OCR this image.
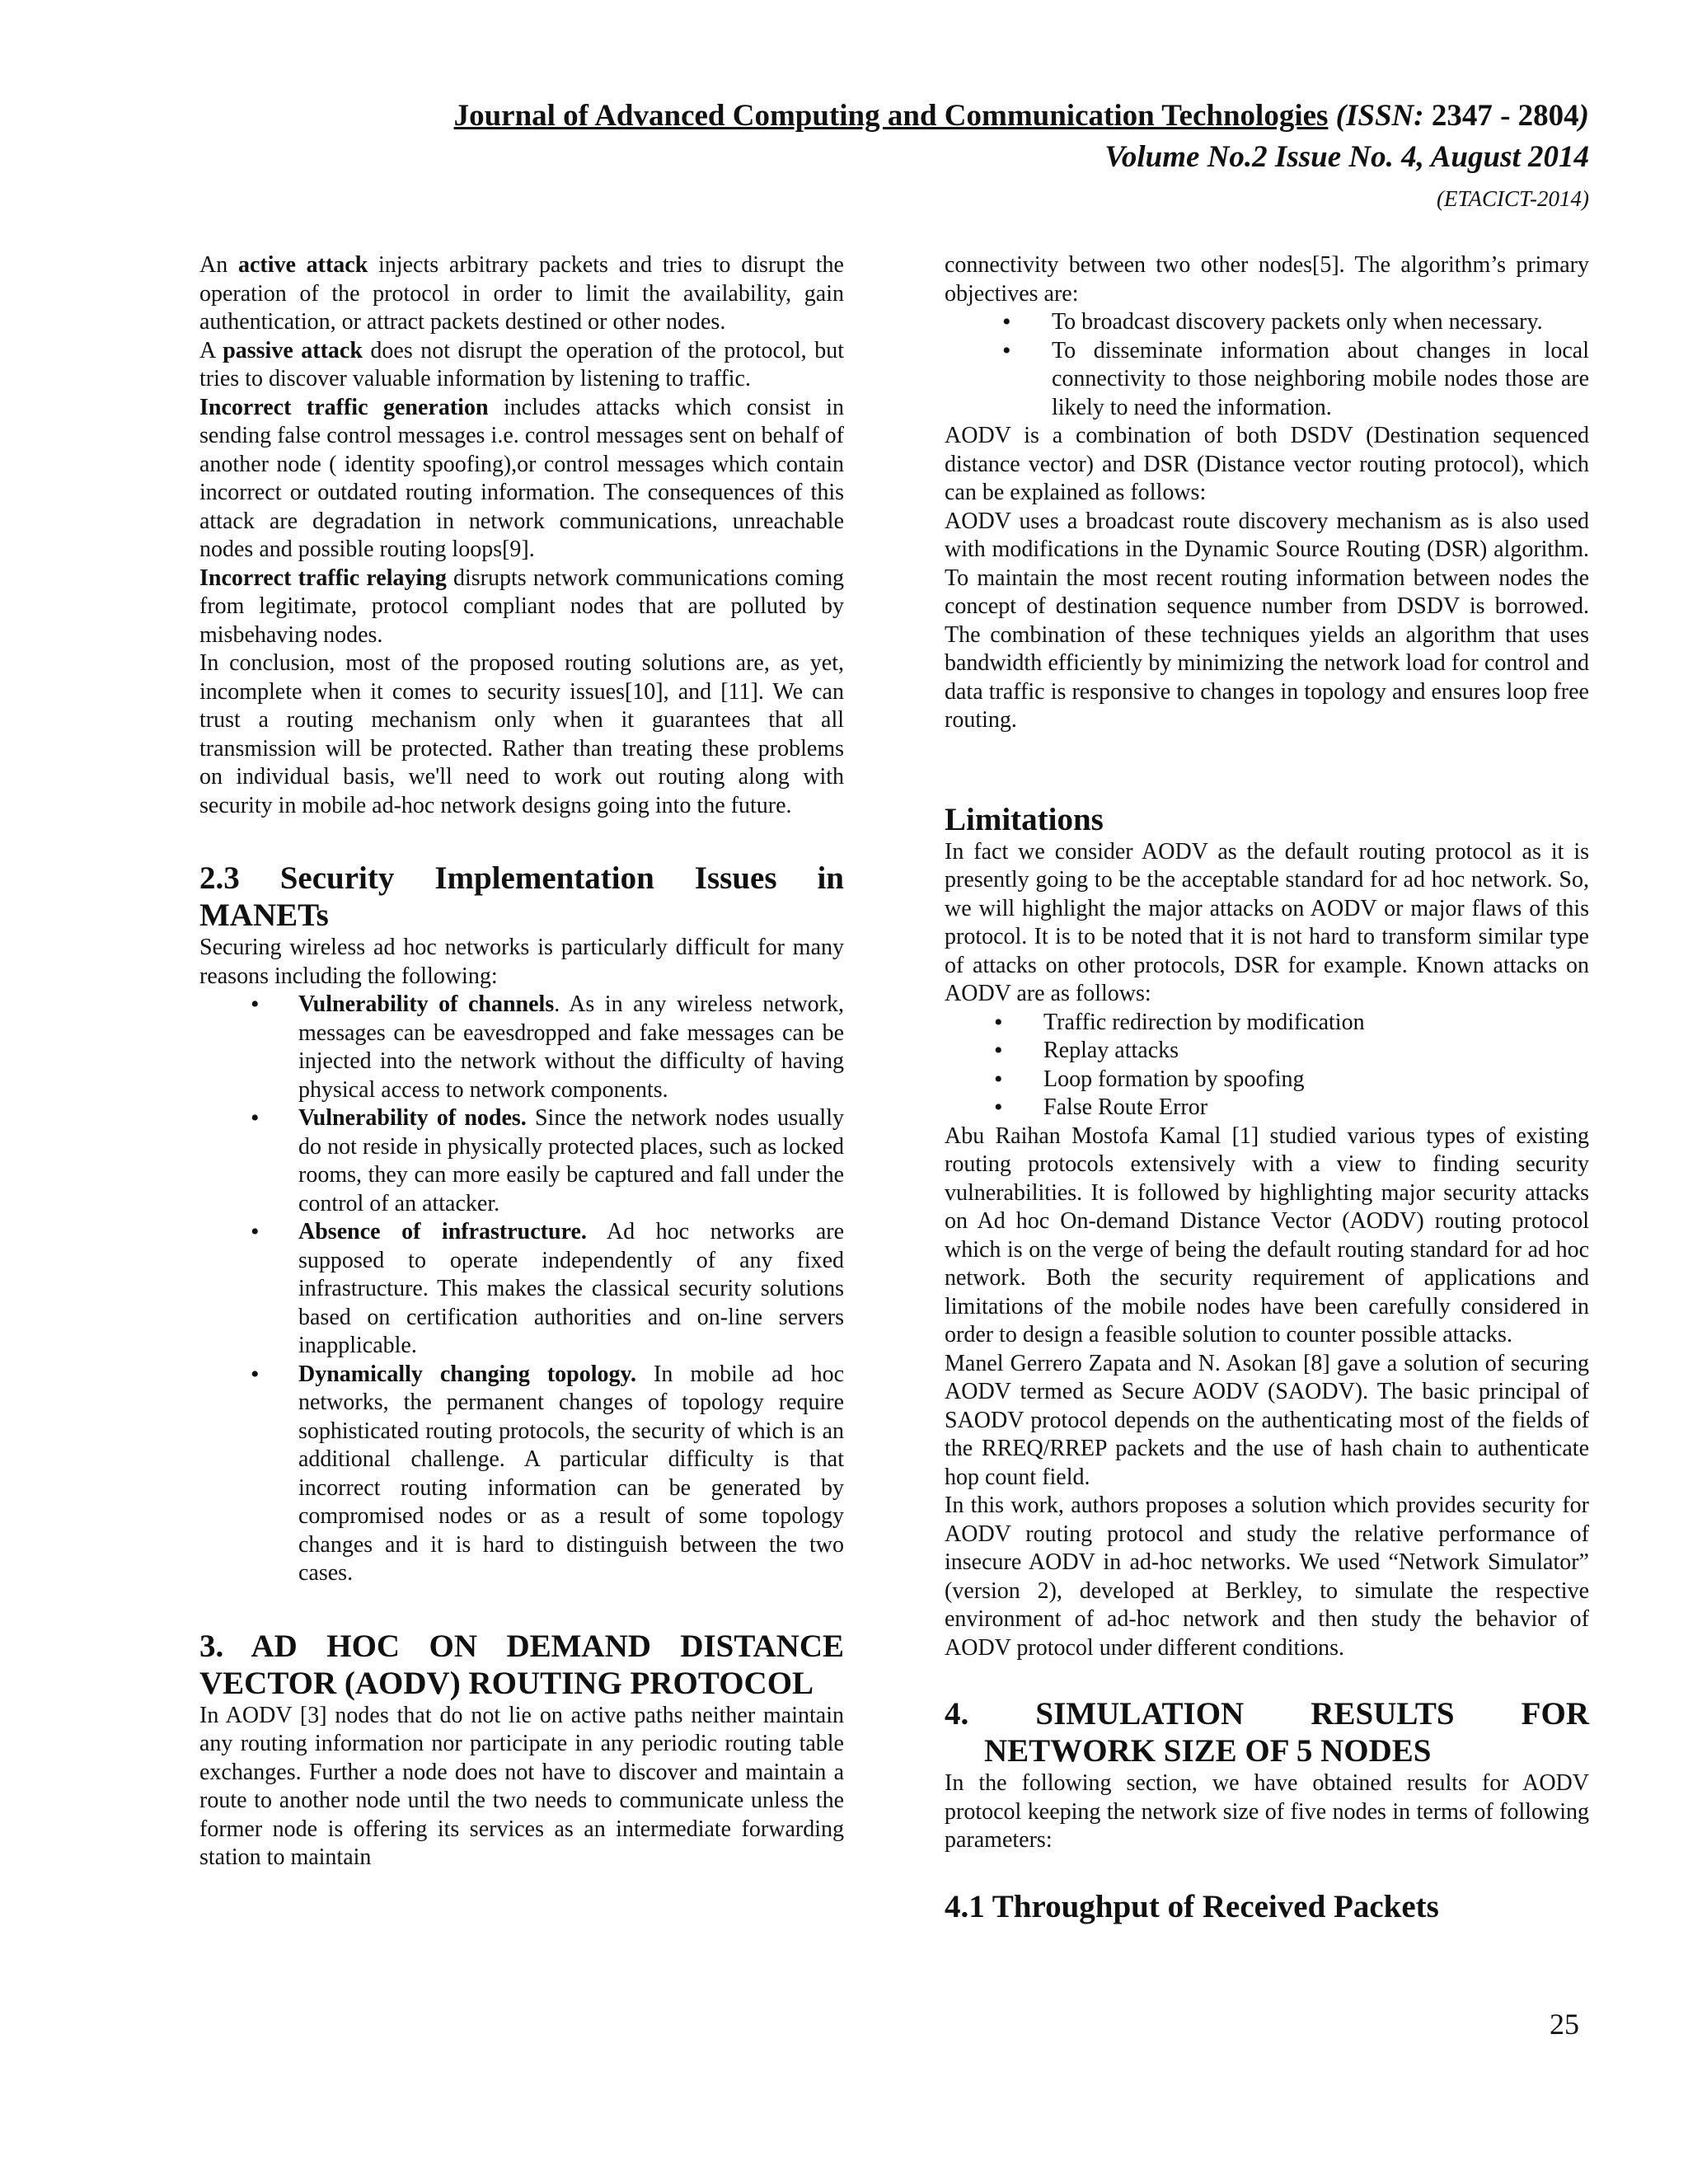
Journal of Advanced Computing and Communication Technologies (ISSN: 2347 - 2804)
Volume No.2 Issue No. 4, August 2014
(ETACICT-2014)

An active attack injects arbitrary packets and tries to disrupt the operation of the protocol in order to limit the availability, gain authentication, or attract packets destined or other nodes.

A passive attack does not disrupt the operation of the protocol, but tries to discover valuable information by listening to traffic.

Incorrect traffic generation includes attacks which consist in sending false control messages i.e. control messages sent on behalf of another node ( identity spoofing),or control messages which contain incorrect or outdated routing information. The consequences of this attack are degradation in network communications, unreachable nodes and possible routing loops[9].

Incorrect traffic relaying disrupts network communications coming from legitimate, protocol compliant nodes that are polluted by misbehaving nodes.

In conclusion, most of the proposed routing solutions are, as yet, incomplete when it comes to security issues[10], and [11]. We can trust a routing mechanism only when it guarantees that all transmission will be protected. Rather than treating these problems on individual basis, we'll need to work out routing along with security in mobile ad-hoc network designs going into the future.

2.3 Security Implementation Issues in MANETs

Securing wireless ad hoc networks is particularly difficult for many reasons including the following:

• Vulnerability of channels. As in any wireless network, messages can be eavesdropped and fake messages can be injected into the network without the difficulty of having physical access to network components.
• Vulnerability of nodes. Since the network nodes usually do not reside in physically protected places, such as locked rooms, they can more easily be captured and fall under the control of an attacker.
• Absence of infrastructure. Ad hoc networks are supposed to operate independently of any fixed infrastructure. This makes the classical security solutions based on certification authorities and on-line servers inapplicable.
• Dynamically changing topology. In mobile ad hoc networks, the permanent changes of topology require sophisticated routing protocols, the security of which is an additional challenge. A particular difficulty is that incorrect routing information can be generated by compromised nodes or as a result of some topology changes and it is hard to distinguish between the two cases.
3. AD HOC ON DEMAND DISTANCE VECTOR (AODV) ROUTING PROTOCOL

In AODV [3] nodes that do not lie on active paths neither maintain any routing information nor participate in any periodic routing table exchanges. Further a node does not have to discover and maintain a route to another node until the two needs to communicate unless the former node is offering its services as an intermediate forwarding station to maintain

connectivity between two other nodes[5]. The algorithm’s primary objectives are:

• To broadcast discovery packets only when necessary.
• To disseminate information about changes in local connectivity to those neighboring mobile nodes those are likely to need the information.

AODV is a combination of both DSDV (Destination sequenced distance vector) and DSR (Distance vector routing protocol), which can be explained as follows:

AODV uses a broadcast route discovery mechanism as is also used with modifications in the Dynamic Source Routing (DSR) algorithm. To maintain the most recent routing information between nodes the concept of destination sequence number from DSDV is borrowed. The combination of these techniques yields an algorithm that uses bandwidth efficiently by minimizing the network load for control and data traffic is responsive to changes in topology and ensures loop free routing.

Limitations

In fact we consider AODV as the default routing protocol as it is presently going to be the acceptable standard for ad hoc network. So, we will highlight the major attacks on AODV or major flaws of this protocol. It is to be noted that it is not hard to transform similar type of attacks on other protocols, DSR for example. Known attacks on AODV are as follows:

• Traffic redirection by modification
• Replay attacks
• Loop formation by spoofing
• False Route Error

Abu Raihan Mostofa Kamal [1] studied various types of existing routing protocols extensively with a view to finding security vulnerabilities. It is followed by highlighting major security attacks on Ad hoc On-demand Distance Vector (AODV) routing protocol which is on the verge of being the default routing standard for ad hoc network. Both the security requirement of applications and limitations of the mobile nodes have been carefully considered in order to design a feasible solution to counter possible attacks.

Manel Gerrero Zapata and N. Asokan [8] gave a solution of securing AODV termed as Secure AODV (SAODV). The basic principal of SAODV protocol depends on the authenticating most of the fields of the RREQ/RREP packets and the use of hash chain to authenticate hop count field.

In this work, authors proposes a solution which provides security for AODV routing protocol and study the relative performance of insecure AODV in ad-hoc networks. We used “Network Simulator” (version 2), developed at Berkley, to simulate the respective environment of ad-hoc network and then study the behavior of AODV protocol under different conditions.

4. SIMULATION RESULTS FOR NETWORK SIZE OF 5 NODES

In the following section, we have obtained results for AODV protocol keeping the network size of five nodes in terms of following parameters:

4.1 Throughput of Received Packets
25
